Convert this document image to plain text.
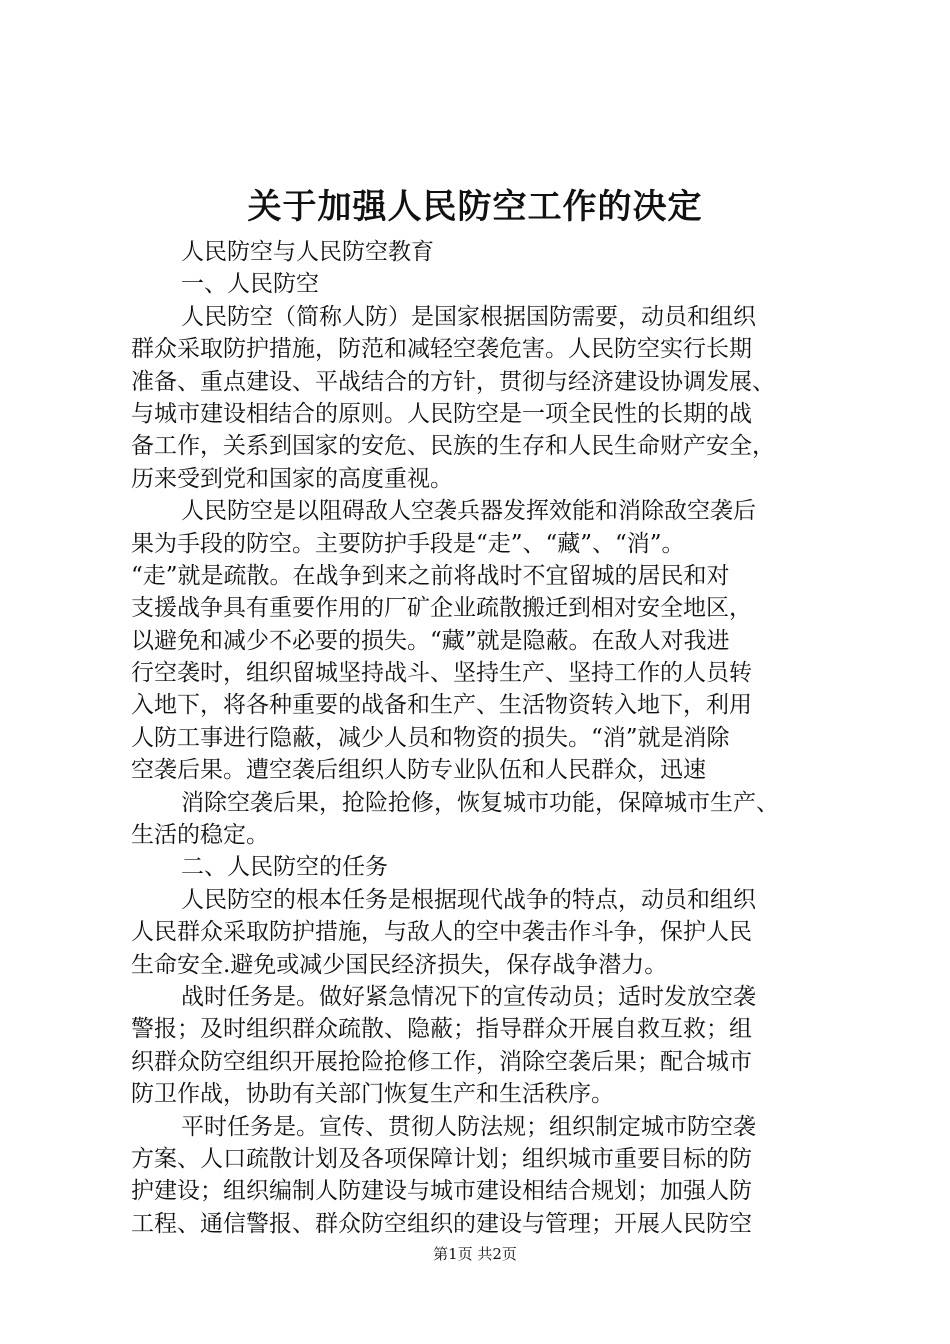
关于加强人民防空工作的决定
人民防空与人民防空教育
一、人民防空
人民防空（简称人防）是国家根据国防需要，动员和组织
群众采取防护措施，防范和减轻空袭危害。人民防空实行长期
准备、重点建设、平战结合的方针，贯彻与经济建设协调发展、
与城市建设相结合的原则。人民防空是一项全民性的长期的战
备工作，关系到国家的安危、民族的生存和人民生命财产安全，
历来受到党和国家的高度重视。
人民防空是以阻碍敌人空袭兵器发挥效能和消除敌空袭后
果为手段的防空。主要防护手段是“走”、“藏”、“消”。
“走”就是疏散。在战争到来之前将战时不宜留城的居民和对
支援战争具有重要作用的厂矿企业疏散搬迁到相对安全地区，
以避免和减少不必要的损失。“藏”就是隐蔽。在敌人对我进
行空袭时，组织留城坚持战斗、坚持生产、坚持工作的人员转
入地下，将各种重要的战备和生产、生活物资转入地下，利用
人防工事进行隐蔽，减少人员和物资的损失。“消”就是消除
空袭后果。遭空袭后组织人防专业队伍和人民群众，迅速
消除空袭后果，抢险抢修，恢复城市功能，保障城市生产、
生活的稳定。
二、人民防空的任务
人民防空的根本任务是根据现代战争的特点，动员和组织
人民群众采取防护措施，与敌人的空中袭击作斗争，保护人民
生命安全.避免或减少国民经济损失，保存战争潜力。
战时任务是。做好紧急情况下的宣传动员；适时发放空袭
警报；及时组织群众疏散、隐蔽；指导群众开展自救互救；组
织群众防空组织开展抢险抢修工作，消除空袭后果；配合城市
防卫作战，协助有关部门恢复生产和生活秩序。
平时任务是。宣传、贯彻人防法规；组织制定城市防空袭
方案、人口疏散计划及各项保障计划；组织城市重要目标的防
护建设；组织编制人防建设与城市建设相结合规划；加强人防
工程、通信警报、群众防空组织的建设与管理；开展人民防空
第1页 共2页
